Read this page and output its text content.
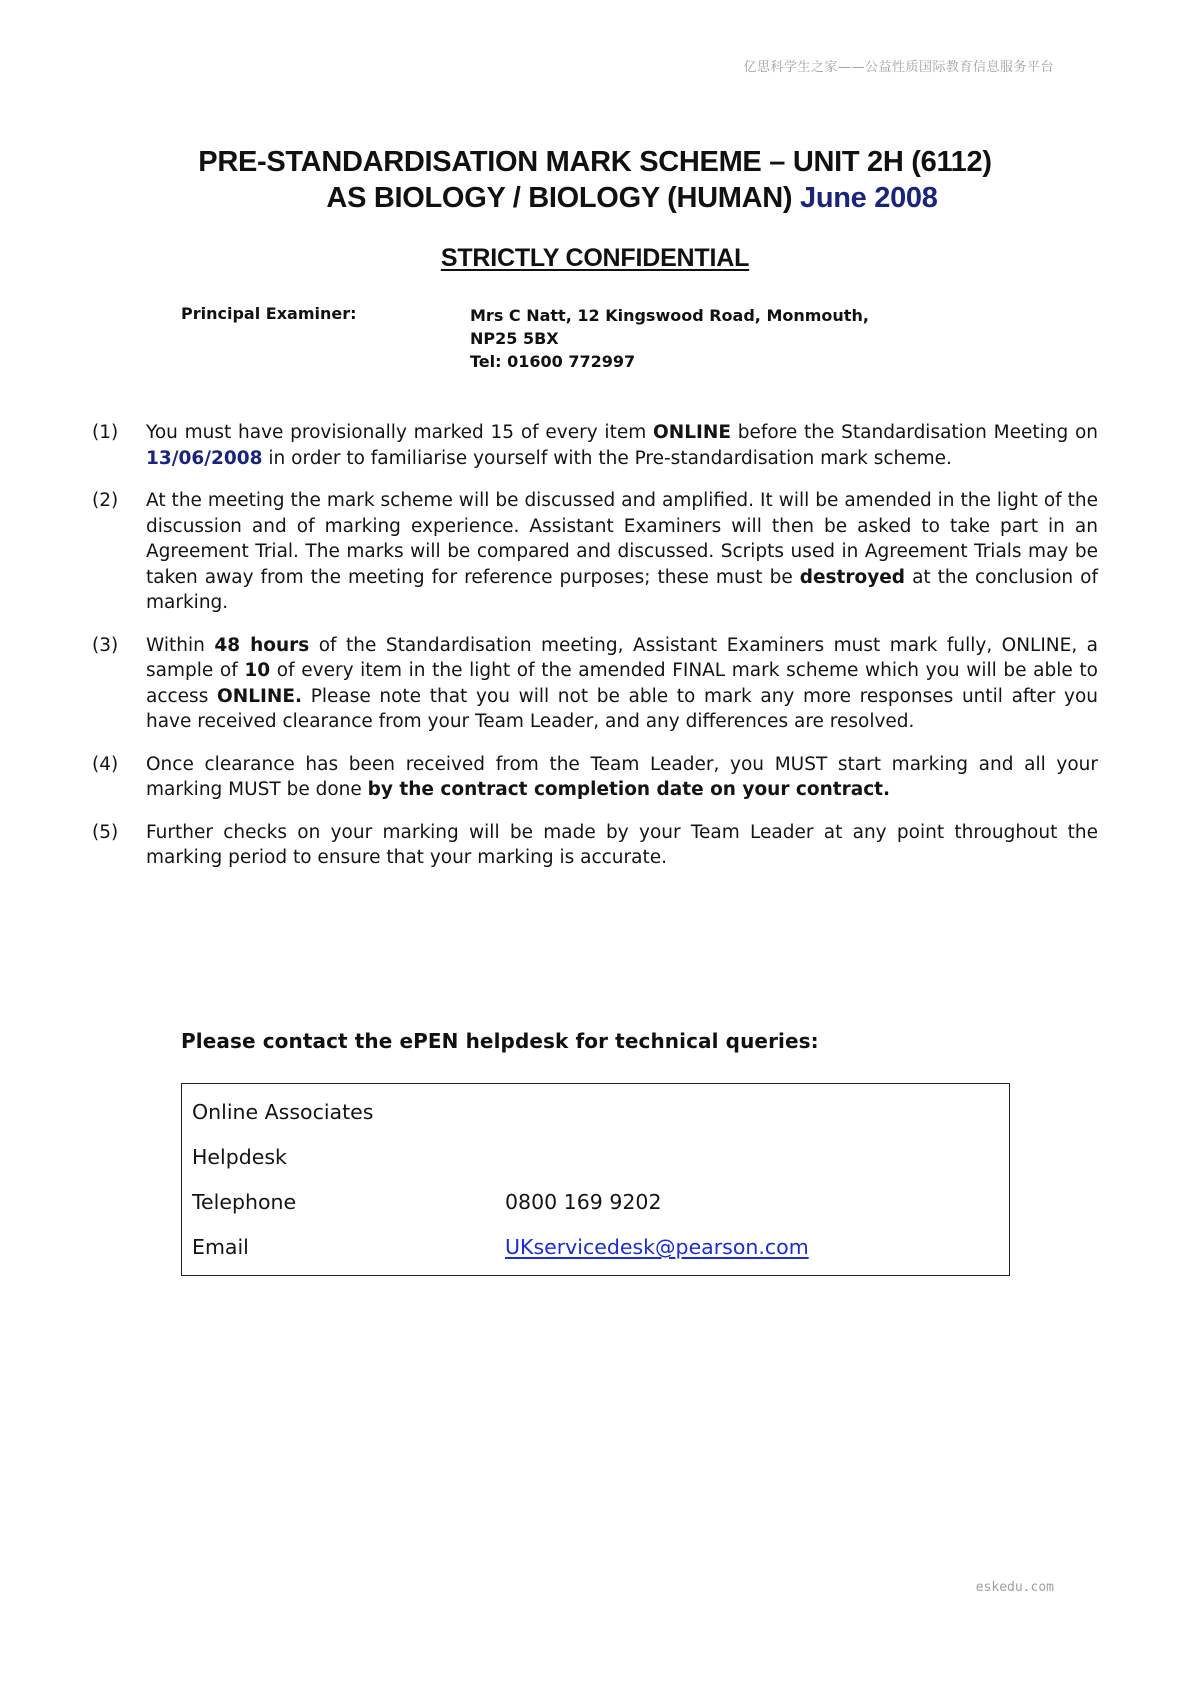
亿思科学生之家——公益性质国际教育信息服务平台
PRE-STANDARDISATION MARK SCHEME – UNIT 2H (6112)
AS BIOLOGY / BIOLOGY (HUMAN) June 2008
STRICTLY CONFIDENTIAL
Principal Examiner:	Mrs C Natt, 12 Kingswood Road, Monmouth,
NP25 5BX
Tel: 01600 772997
(1) You must have provisionally marked 15 of every item ONLINE before the Standardisation Meeting on 13/06/2008 in order to familiarise yourself with the Pre-standardisation mark scheme.
(2) At the meeting the mark scheme will be discussed and amplified. It will be amended in the light of the discussion and of marking experience. Assistant Examiners will then be asked to take part in an Agreement Trial. The marks will be compared and discussed. Scripts used in Agreement Trials may be taken away from the meeting for reference purposes; these must be destroyed at the conclusion of marking.
(3) Within 48 hours of the Standardisation meeting, Assistant Examiners must mark fully, ONLINE, a sample of 10 of every item in the light of the amended FINAL mark scheme which you will be able to access ONLINE. Please note that you will not be able to mark any more responses until after you have received clearance from your Team Leader, and any differences are resolved.
(4) Once clearance has been received from the Team Leader, you MUST start marking and all your marking MUST be done by the contract completion date on your contract.
(5) Further checks on your marking will be made by your Team Leader at any point throughout the marking period to ensure that your marking is accurate.
Please contact the ePEN helpdesk for technical queries:
Online Associates
Helpdesk
Telephone	0800 169 9202
Email	UKservicedesk@pearson.com
eskedu.com
